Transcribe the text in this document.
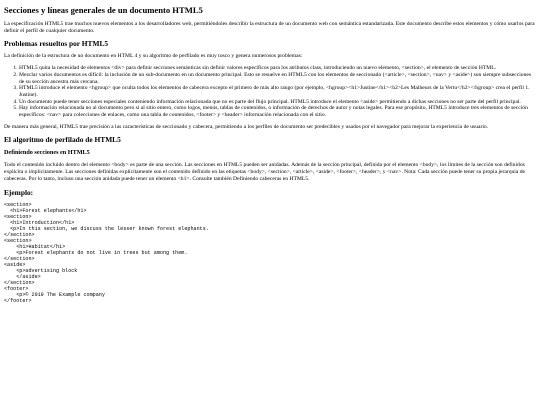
Secciones y líneas generales de un documento HTML5

La especificación HTML5 trae muchos nuevos elementos a los desarrolladores web, permitiéndoles describir la estructura de un documento web con semántica estandarizada. Este documento describe estos elementos y cómo usarlos para definir el perfil de cualquier documento.

Problemas resueltos por HTML5

La definición de la estructura de un documento en HTML 4 y su algoritmo de perfilado es muy tosco y genera numerosos problemas:

1. HTML5 quita la necesidad de elementos <div> para definir secciones semánticas sin definir valores específicos para los atributos class, introduciendo un nuevo elemento, <section>, el elemento de sección HTML.
2. Mezclar varios documentos es difícil: la inclusión de un sub-documento en un documento principal. Esto se resuelve en HTML5 con los elementos de seccionado (<article>, <section>, <nav> y <aside>) son siempre subsecciones de su sección ancestra más cercana.
3. HTML5 introduce el elemento <hgroup> que oculta todos los elementos de cabecera excepto el primero de más alto rango (por ejemplo, <hgroup><h1>Justine</h1><h2>Les Malheurs de la Vertu</h2></hgroup> crea el perfil 1. Justine).
4. Un documento puede tener secciones especiales conteniendo información relacionada que no es parte del flujo principal. HTML5 introduce el elemento <aside> permitiendo a dichas secciones no ser parte del perfil principal.
5. Hay información relacionada no al documento pero sí al sitio entero, como logos, menús, tablas de contenidos, o información de derechos de autor y notas legales. Para ese propósito, HTML5 introduce tres elementos de sección específicos: <nav> para colecciones de enlaces, como una tabla de contenidos, <footer> y <header> información relacionada con el sitio.

De manera más general, HTML5 trae precisión a las características de seccionado y cabecera, permitiendo a los perfiles de documento ser predecibles y usados por el navegador para mejorar la experiencia de usuario.

El algoritmo de perfilado de HTML5
Definiendo secciones en HTML5

Todo el contenido incluido dentro del elemento <body> es parte de una sección. Las secciones en HTML5 pueden ser anidadas. Además de la sección principal, definida por el elemento <body>, los límites de la sección son definidos explícita o implícitamente. Las secciones definidas explícitamente son el contenido definido en las etiquetas <body>, <section>, <article>, <aside>, <footer>, <header>, y <nav>. Nota: Cada sección puede tener su propia jerarquía de cabeceras. Por lo tanto, incluso una sección anidada puede tener un elemento <h1>. Consulte también Definiendo cabeceras en HTML5.

Ejemplo:
<section>
<h1>Forest elephants</h1>
<section>
<h1>Introduction</h1>
<p>In this section, we discuss the lesser known forest elephants.
</section>
<section>
<h1>Habitat</h1>
<p>Forest elephants do not live in trees but among them.
</section>
<aside>
<p>advertising block
</aside>
</section>
<footer>
<p>© 2010 The Example company
</footer>
